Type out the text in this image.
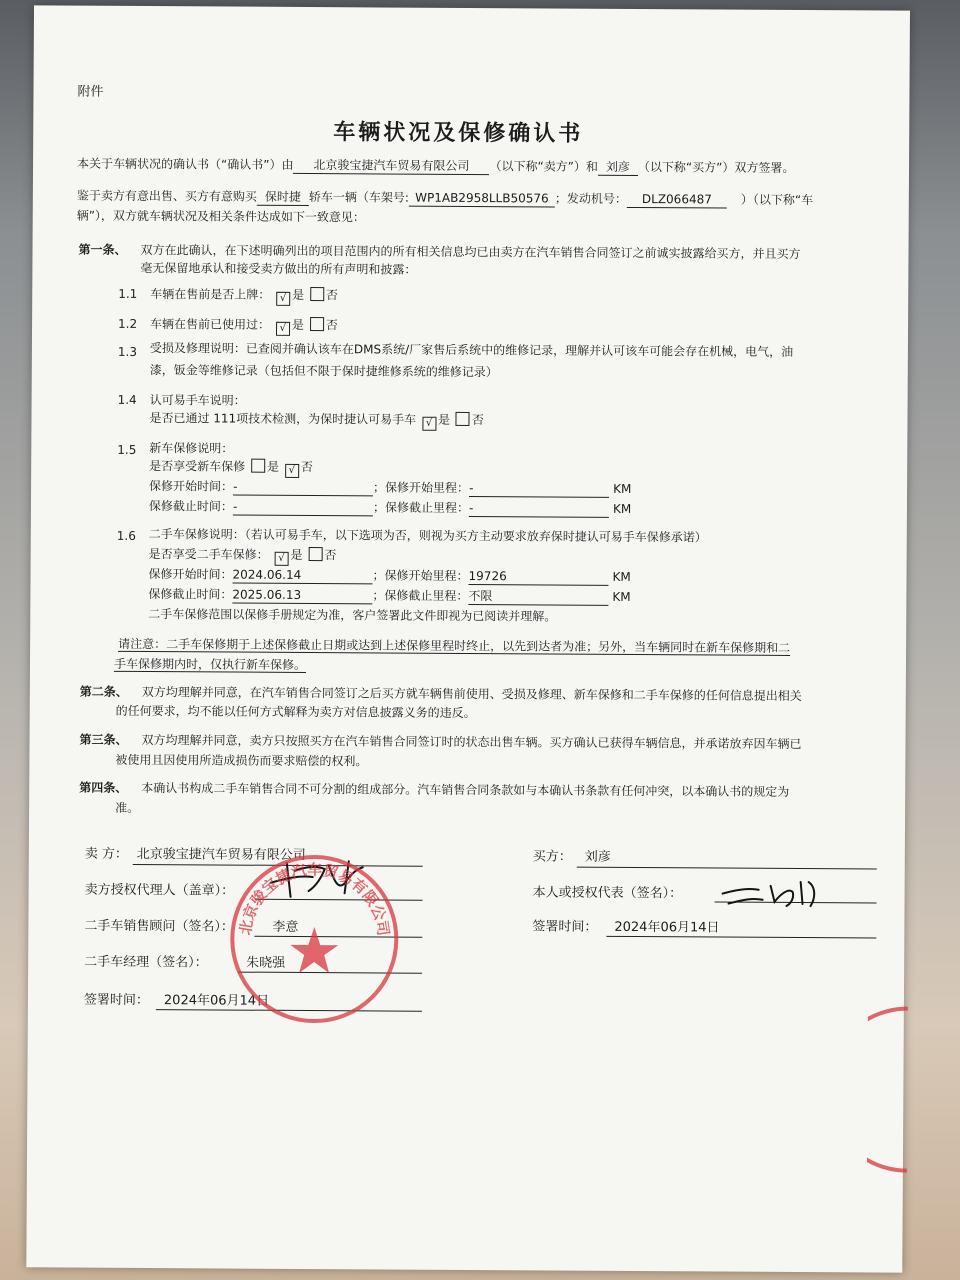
附件
车辆状况及保修确认书
本关于车辆状况的确认书（“确认书”）由 北京骏宝捷汽车贸易有限公司 （以下称“卖方”）和 刘彦 （以下称“买方”）双方签署。
鉴于卖方有意出售、买方有意购买 保时捷 轿车一辆（车架号: WP1AB2958LLB50576 ；发动机号： DLZ066487 ）（以下称“车
辆”），双方就车辆状况及相关条件达成如下一致意见：
第一条、 双方在此确认，在下述明确列出的项目范围内的所有相关信息均已由卖方在汽车销售合同签订之前诚实披露给买方，并且买方
毫无保留地承认和接受卖方做出的所有声明和披露：
1.1 车辆在售前是否上牌： √ 是 否
1.2 车辆在售前已使用过： √ 是 否
1.3 受损及修理说明：已查阅并确认该车在DMS系统/厂家售后系统中的维修记录，理解并认可该车可能会存在机械，电气，油
漆，钣金等维修记录（包括但不限于保时捷维修系统的维修记录）
1.4 认可易手车说明：
是否已通过 111项技术检测，为保时捷认可易手车 √ 是 否
1.5 新车保修说明：
是否享受新车保修 是 √ 否
保修开始时间：-	；保修开始里程：-	KM
保修截止时间：-	；保修截止里程：-	KM
1.6 二手车保修说明：（若认可易手车，以下选项为否，则视为买方主动要求放弃保时捷认可易手车保修承诺）
是否享受二手车保修： √ 是 否
保修开始时间：2024.06.14	；保修开始里程：19726	KM
保修截止时间：2025.06.13	；保修截止里程：不限	KM
二手车保修范围以保修手册规定为准，客户签署此文件即视为已阅读并理解。
请注意：二手车保修期于上述保修截止日期或达到上述保修里程时终止，以先到达者为准；另外，当车辆同时在新车保修期和二
手车保修期内时，仅执行新车保修。
第二条、 双方均理解并同意，在汽车销售合同签订之后买方就车辆售前使用、受损及修理、新车保修和二手车保修的任何信息提出相关
的任何要求，均不能以任何方式解释为卖方对信息披露义务的违反。
第三条、 双方均理解并同意，卖方只按照买方在汽车销售合同签订时的状态出售车辆。买方确认已获得车辆信息，并承诺放弃因车辆已
被使用且因使用所造成损伤而要求赔偿的权利。
第四条、 本确认书构成二手车销售合同不可分割的组成部分。汽车销售合同条款如与本确认书条款有任何冲突，以本确认书的规定为
准。
卖 方： 北京骏宝捷汽车贸易有限公司
卖方授权代理人（盖章）：
二手车销售顾问（签名）：	李意
二手车经理（签名）：	朱晓强
签署时间： 2024年06月14日
买方： 刘彦
本人或授权代表（签名）：
签署时间： 2024年06月14日
北京骏宝捷汽车贸易有限公司
